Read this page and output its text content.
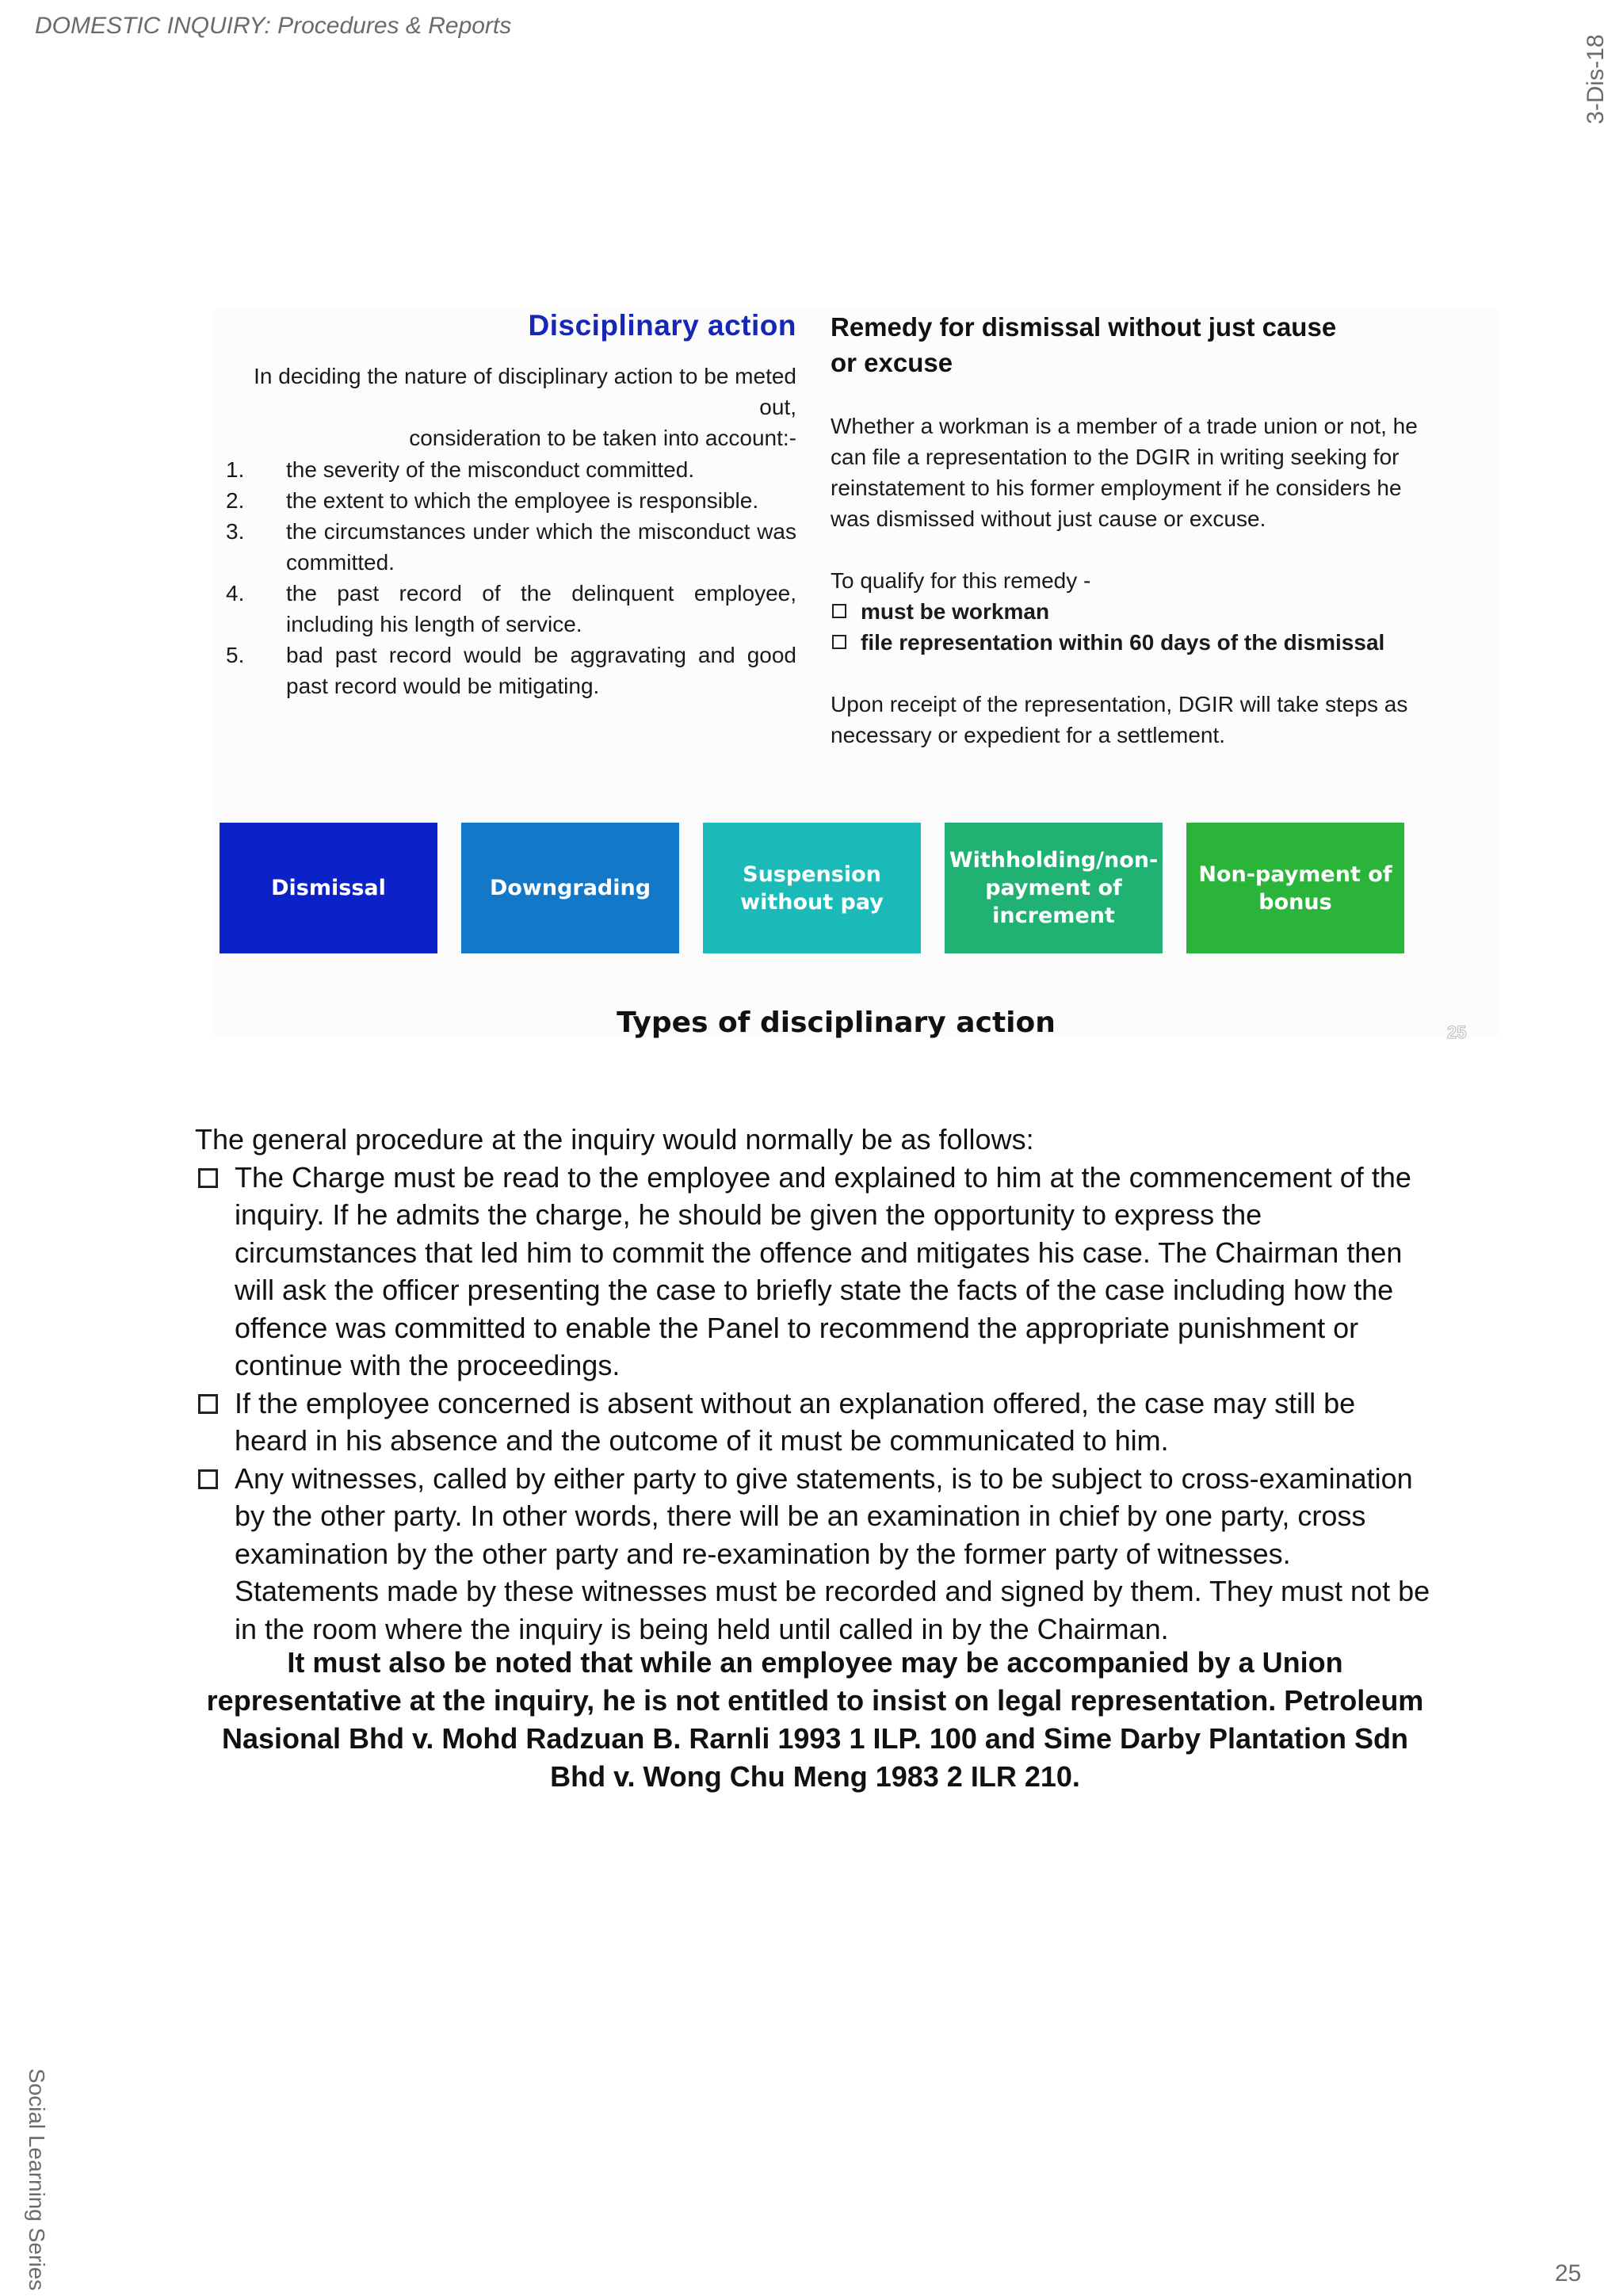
DOMESTIC INQUIRY: Procedures & Reports
3-Dis-18
Social Learning Series	25
Disciplinary action
In deciding the nature of disciplinary action to be meted out,
consideration to be taken into account:-
1.	the severity of the misconduct committed.
2.	the extent to which the employee is responsible.
3.	the circumstances under which the misconduct was committed.
4.	the past record of the delinquent employee, including his length of service.
5.	bad past record would be aggravating and good past record would be mitigating.
Remedy for dismissal without just cause or excuse

Whether a workman is a member of a trade union or not, he can file a representation to the DGIR in writing seeking for reinstatement to his former employment if he considers he was dismissed without just cause or excuse.

To qualify for this remedy -

must be workman
file representation within 60 days of the dismissal

Upon receipt of the representation, DGIR will take steps as necessary or expedient for a settlement.

Dismissal	Downgrading
Suspension without pay
Withholding/non-payment of increment
Non-payment of bonus
Types of disciplinary action	25

The general procedure at the inquiry would normally be as follows:

The Charge must be read to the employee and explained to him at the commencement of the inquiry. If he admits the charge, he should be given the opportunity to express the circumstances that led him to commit the offence and mitigates his case. The Chairman then will ask the officer presenting the case to briefly state the facts of the case including how the offence was committed to enable the Panel to recommend the appropriate punishment or continue with the proceedings.
If the employee concerned is absent without an explanation offered, the case may still be heard in his absence and the outcome of it must be communicated to him.
Any witnesses, called by either party to give statements, is to be subject to cross-examination by the other party. In other words, there will be an examination in chief by one party, cross examination by the other party and re-examination by the former party of witnesses. Statements made by these witnesses must be recorded and signed by them. They must not be in the room where the inquiry is being held until called in by the Chairman.
It must also be noted that while an employee may be accompanied by a Union representative at the inquiry, he is not entitled to insist on legal representation. Petroleum Nasional Bhd v. Mohd Radzuan B. Rarnli 1993 1 ILP. 100 and Sime Darby Plantation Sdn Bhd v. Wong Chu Meng 1983 2 ILR 210.
